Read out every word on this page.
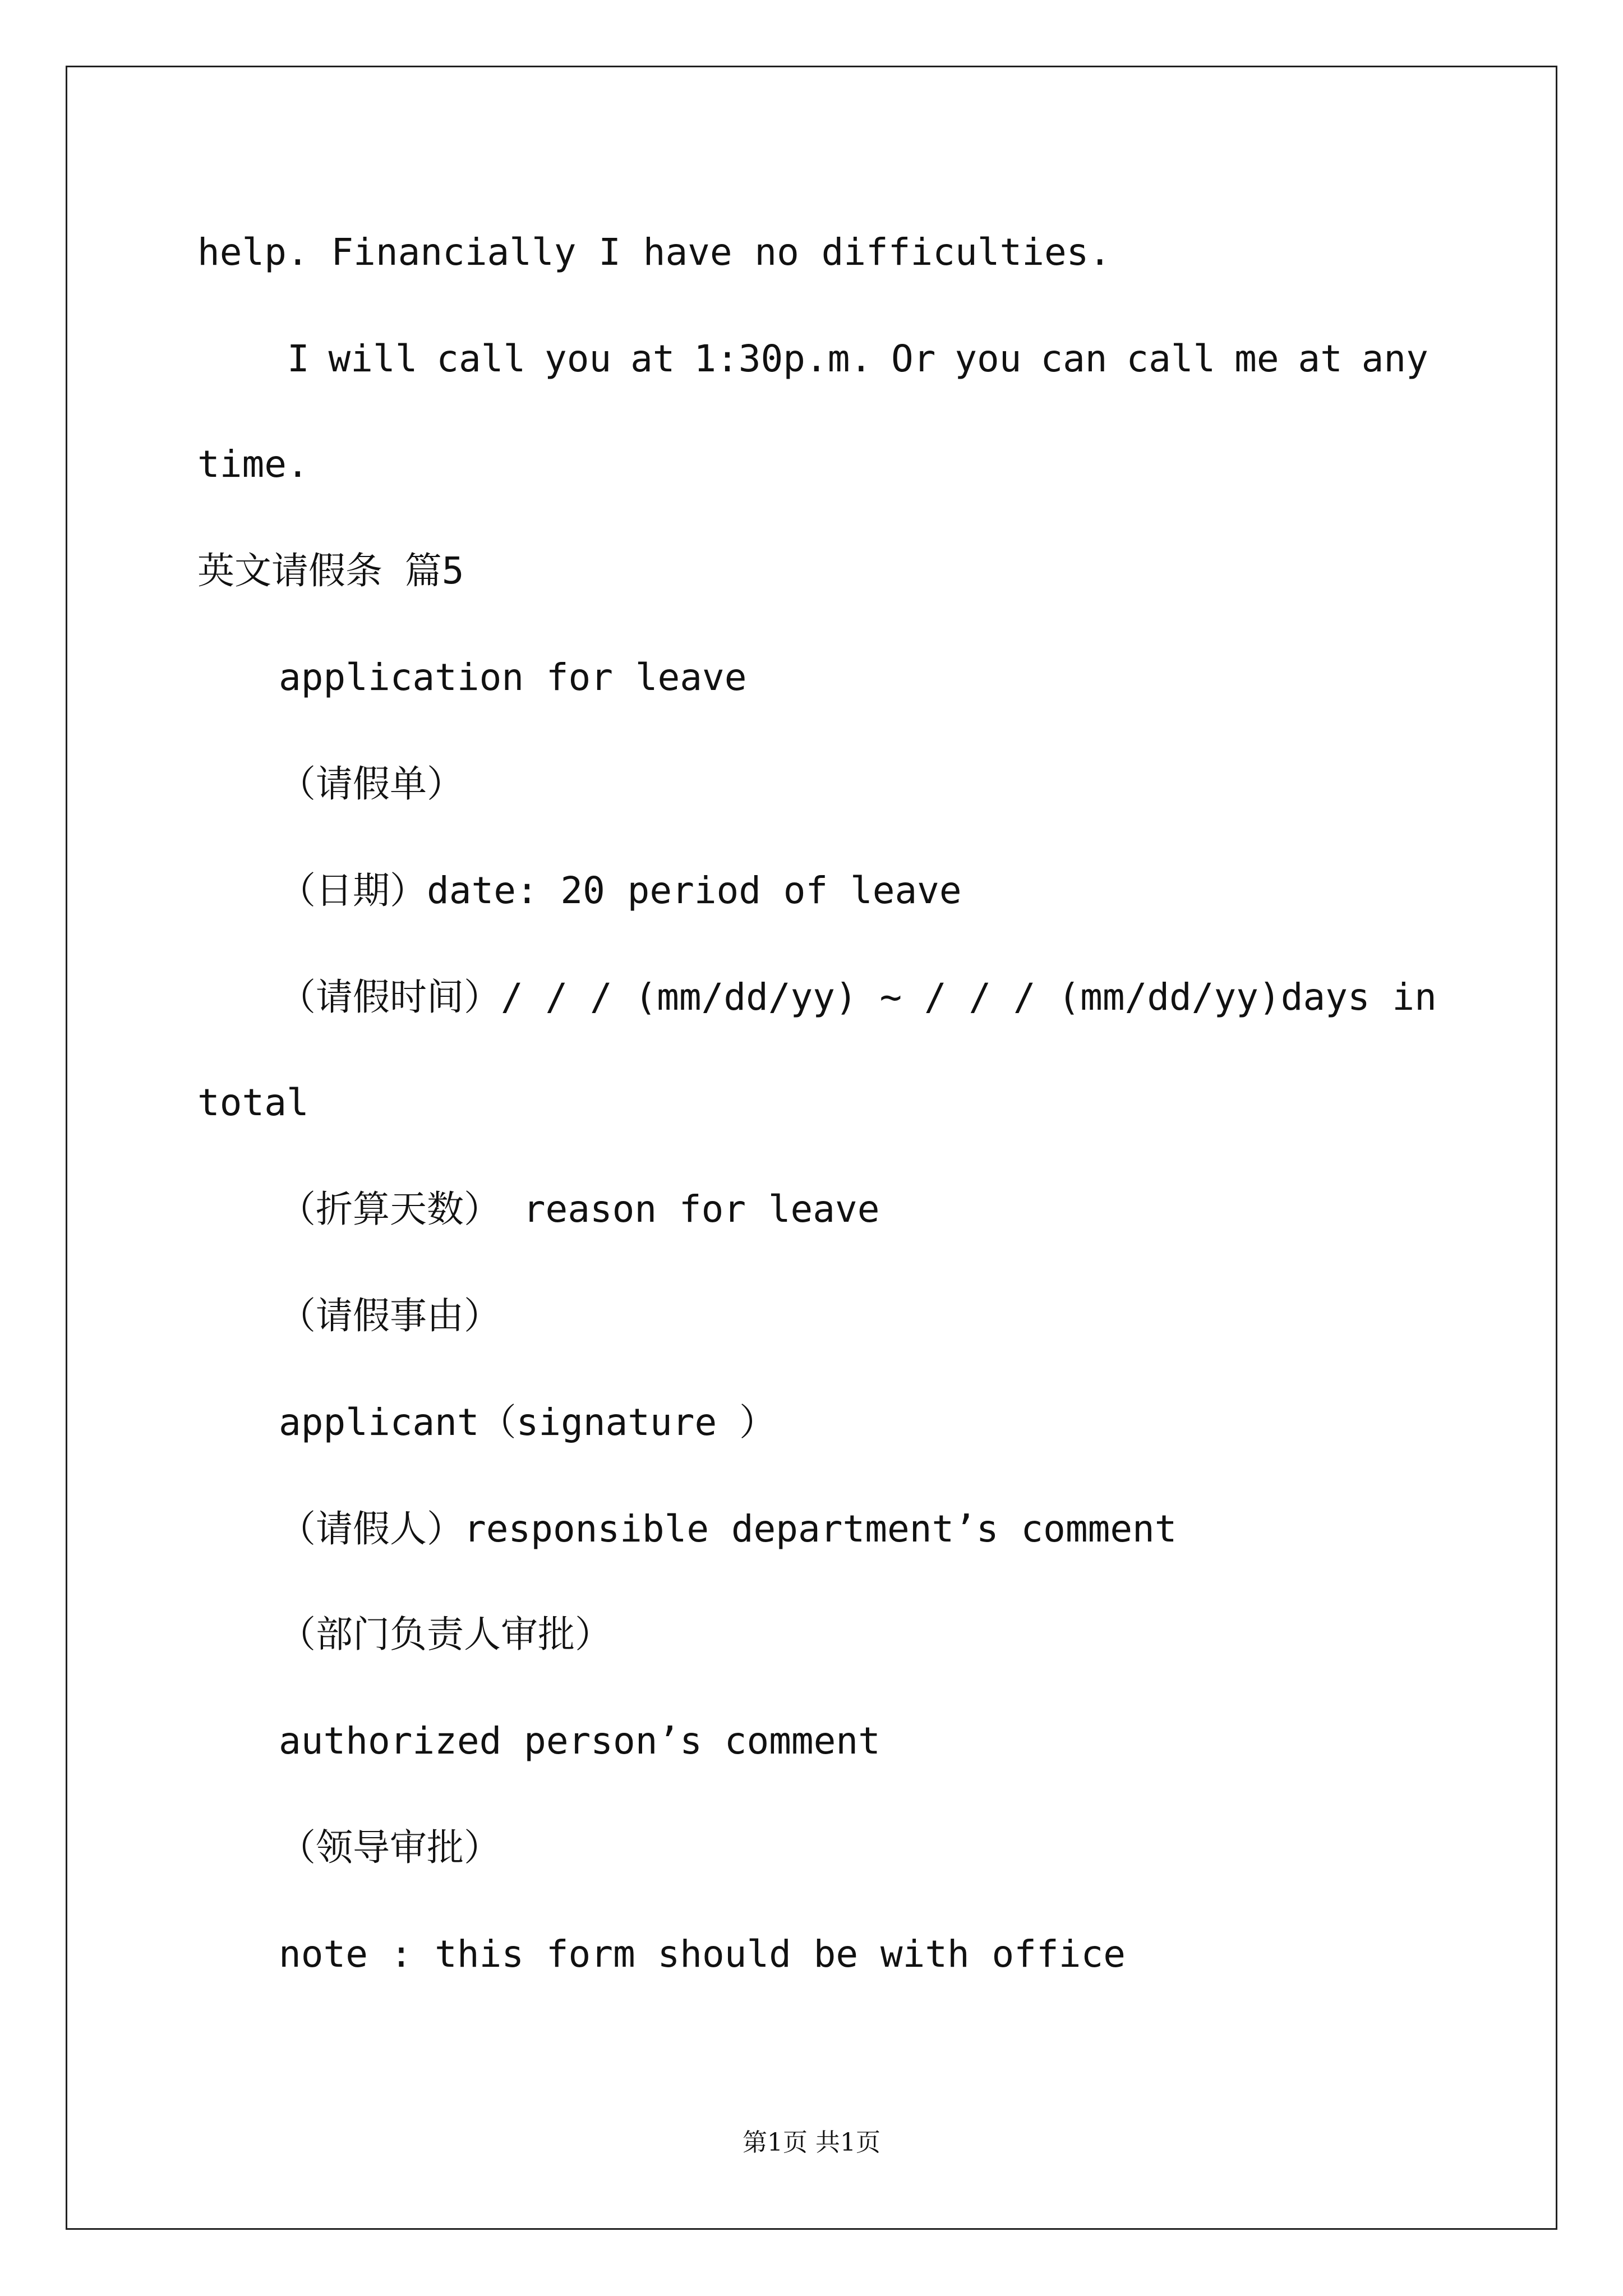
help. Financially I have no difficulties.
I will call you at 1:30p.m. Or you can call me at any
time.
英文请假条 篇5
application for leave
（请假单）
（日期）date: 20 period of leave
（请假时间）/ / / (mm/dd/yy) ~ / / / (mm/dd/yy)days in
total
（折算天数） reason for leave
（请假事由）
applicant（signature ）
（请假人）responsible department’s comment
（部门负责人审批）
authorized person’s comment
（领导审批）
note : this form should be with office
第1页 共1页
